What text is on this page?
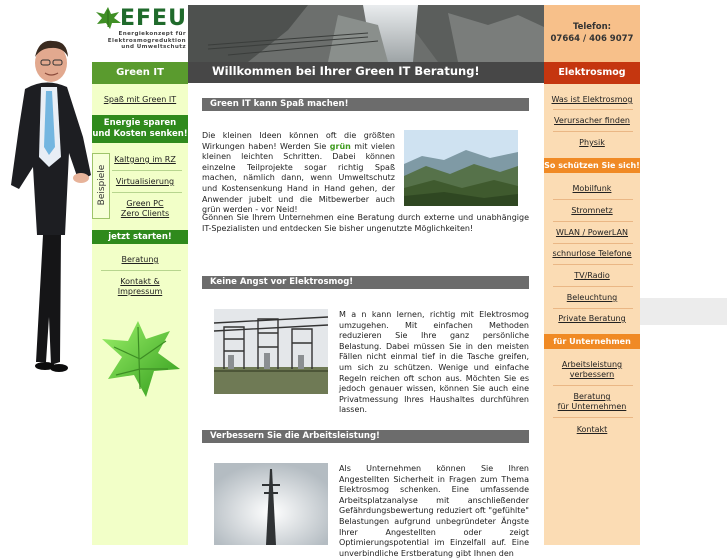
EFEU
Energiekonzept für
Elektrosmogreduktion
und Umweltschutz
Green IT
Spaß mit Green IT
Energie sparen
und Kosten senken!
Beispiele
Kaltgang im RZ
Virtualisierung
Green PC
Zero Clients
jetzt starten!
Beratung
Kontakt &
Impressum
Willkommen bei Ihrer Green IT Beratung!
Green IT kann Spaß machen!
Die kleinen Ideen können oft die größten Wirkungen haben! Werden Sie grün mit vielen kleinen leichten Schritten. Dabei können einzelne Teilprojekte sogar richtig Spaß machen, nämlich dann, wenn Umweltschutz und Kostensenkung Hand in Hand gehen, der Anwender jubelt und die Mitbewerber auch grün werden - vor Neid!
Gönnen Sie Ihrem Unternehmen eine Beratung durch externe und unabhängige IT-Spezialisten und entdecken Sie bisher ungenutzte Möglichkeiten!
Keine Angst vor Elektrosmog!
M a n kann lernen, richtig mit Elektrosmog umzugehen. Mit einfachen Methoden reduzieren Sie Ihre ganz persönliche Belastung. Dabei müssen Sie in den meisten Fällen nicht einmal tief in die Tasche greifen, um sich zu schützen. Wenige und einfache Regeln reichen oft schon aus. Möchten Sie es jedoch genauer wissen, können Sie auch eine Privatmessung Ihres Haushaltes durchführen lassen.
Verbessern Sie die Arbeitsleistung!
Als Unternehmen können Sie Ihren Angestellten Sicherheit in Fragen zum Thema Elektrosmog schenken. Eine umfassende Arbeitsplatzanalyse mit anschließender Gefährdungsbewertung reduziert oft "gefühlte" Belastungen aufgrund unbegründeter Ängste Ihrer Angestellten oder zeigt Optimierungspotential im Einzelfall auf. Eine unverbindliche Erstberatung gibt Ihnen den
Telefon:
07664 / 406 9077
Elektrosmog
Was ist Elektrosmog
Verursacher finden
Physik
So schützen Sie sich!
Mobilfunk
Stromnetz
WLAN / PowerLAN
schnurlose Telefone
TV/Radio
Beleuchtung
Private Beratung
für Unternehmen
Arbeitsleistung
verbessern
Beratung
für Unternehmen
Kontakt
